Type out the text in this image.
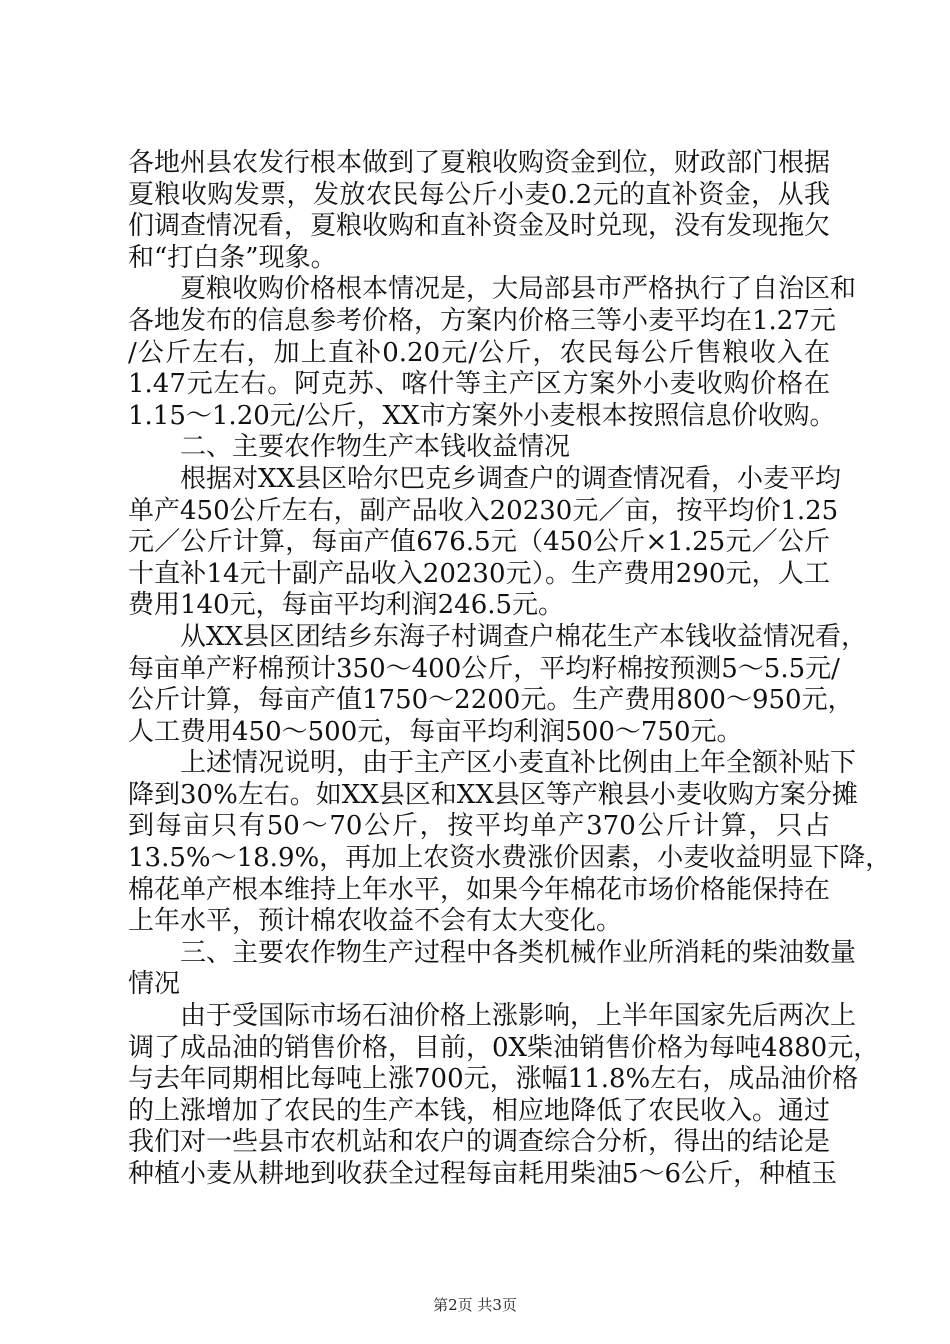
各地州县农发行根本做到了夏粮收购资金到位，财政部门根据
夏粮收购发票，发放农民每公斤小麦0.2元的直补资金，从我
们调查情况看，夏粮收购和直补资金及时兑现，没有发现拖欠
和“打白条”现象。
夏粮收购价格根本情况是，大局部县市严格执行了自治区和
各地发布的信息参考价格，方案内价格三等小麦平均在1.27元
/公斤左右，加上直补0.20元/公斤，农民每公斤售粮收入在
1.47元左右。阿克苏、喀什等主产区方案外小麦收购价格在
1.15～1.20元/公斤，XX市方案外小麦根本按照信息价收购。
二、主要农作物生产本钱收益情况
根据对XX县区哈尔巴克乡调查户的调查情况看，小麦平均
单产450公斤左右，副产品收入20230元／亩，按平均价1.25
元／公斤计算，每亩产值676.5元（450公斤×1.25元／公斤
十直补14元十副产品收入20230元）。生产费用290元，人工
费用140元，每亩平均利润246.5元。
从XX县区团结乡东海子村调查户棉花生产本钱收益情况看，
每亩单产籽棉预计350～400公斤，平均籽棉按预测5～5.5元/
公斤计算，每亩产值1750～2200元。生产费用800～950元，
人工费用450～500元，每亩平均利润500～750元。
上述情况说明，由于主产区小麦直补比例由上年全额补贴下
降到30%左右。如XX县区和XX县区等产粮县小麦收购方案分摊
到每亩只有50～70公斤，按平均单产370公斤计算，只占
13.5%～18.9%，再加上农资水费涨价因素，小麦收益明显下降，
棉花单产根本维持上年水平，如果今年棉花市场价格能保持在
上年水平，预计棉农收益不会有太大变化。
三、主要农作物生产过程中各类机械作业所消耗的柴油数量
情况
由于受国际市场石油价格上涨影响，上半年国家先后两次上
调了成品油的销售价格，目前，0X柴油销售价格为每吨4880元，
与去年同期相比每吨上涨700元，涨幅11.8%左右，成品油价格
的上涨增加了农民的生产本钱，相应地降低了农民收入。通过
我们对一些县市农机站和农户的调查综合分析，得出的结论是
种植小麦从耕地到收获全过程每亩耗用柴油5～6公斤，种植玉
第2页 共3页
